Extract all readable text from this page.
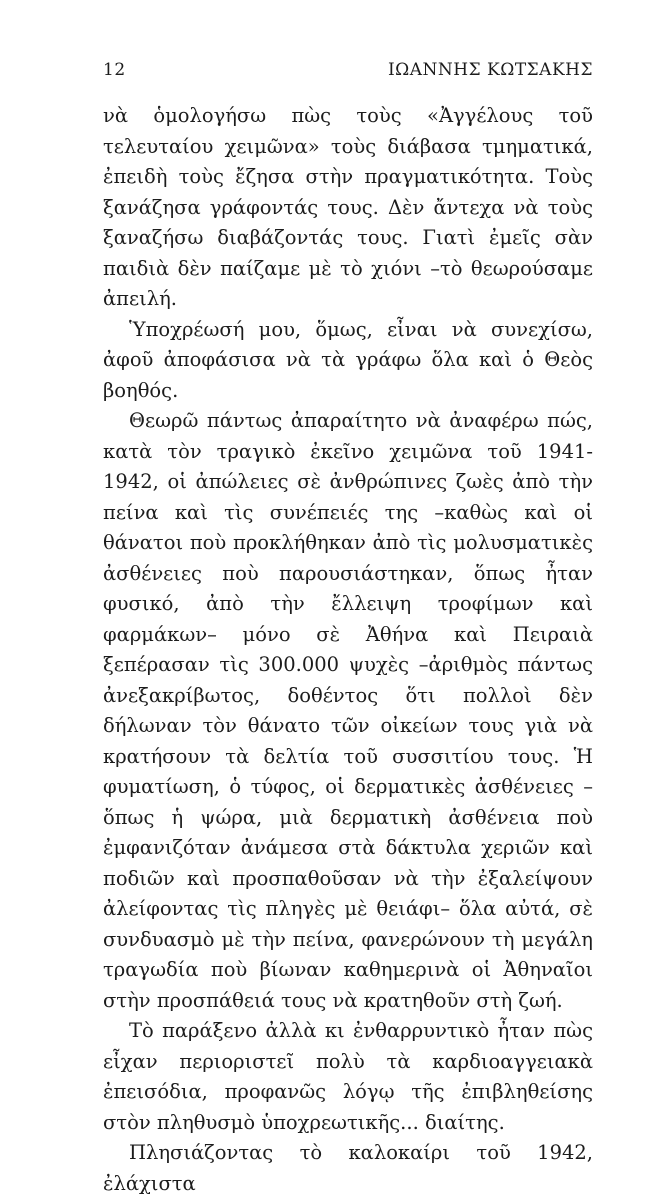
12	ΙΩΑΝΝΗΣ ΚΩΤΣΑΚΗΣ

νὰ ὁμολογήσω πὼς τοὺς «Ἀγγέλους τοῦ τελευταίου χειμῶνα» τοὺς διάβασα τμηματικά, ἐπειδὴ τοὺς ἔζησα στὴν πραγματικότητα. Τοὺς ξανάζησα γράφοντάς τους. Δὲν ἄντεχα νὰ τοὺς ξαναζήσω διαβάζοντάς τους. Γιατὶ ἐμεῖς σὰν παιδιὰ δὲν παίζαμε μὲ τὸ χιόνι –τὸ θεωρούσαμε ἀπειλή.

Ὑποχρέωσή μου, ὅμως, εἶναι νὰ συνεχίσω, ἀφοῦ ἀποφάσισα νὰ τὰ γράφω ὅλα καὶ ὁ Θεὸς βοηθός.

Θεωρῶ πάντως ἀπαραίτητο νὰ ἀναφέρω πώς, κατὰ τὸν τραγικὸ ἐκεῖνο χειμῶνα τοῦ 1941-1942, οἱ ἀπώλειες σὲ ἀνθρώπινες ζωὲς ἀπὸ τὴν πείνα καὶ τὶς συνέπειές της –καθὼς καὶ οἱ θάνατοι ποὺ προκλήθηκαν ἀπὸ τὶς μολυσματικὲς ἀσθένειες ποὺ παρουσιάστηκαν, ὅπως ἦταν φυσικό, ἀπὸ τὴν ἔλλειψη τροφίμων καὶ φαρμάκων– μόνο σὲ Ἀθήνα καὶ Πειραιὰ ξεπέρασαν τὶς 300.000 ψυχὲς –ἀριθμὸς πάντως ἀνεξακρίβωτος, δοθέντος ὅτι πολλοὶ δὲν δήλωναν τὸν θάνατο τῶν οἰκείων τους γιὰ νὰ κρατήσουν τὰ δελτία τοῦ συσσιτίου τους. Ἡ φυματίωση, ὁ τύφος, οἱ δερματικὲς ἀσθένειες –ὅπως ἡ ψώρα, μιὰ δερματικὴ ἀσθένεια ποὺ ἐμφανιζόταν ἀνάμεσα στὰ δάκτυλα χεριῶν καὶ ποδιῶν καὶ προσπαθοῦσαν νὰ τὴν ἐξαλείψουν ἀλείφοντας τὶς πληγὲς μὲ θειάφι– ὅλα αὐτά, σὲ συνδυασμὸ μὲ τὴν πείνα, φανερώνουν τὴ μεγάλη τραγωδία ποὺ βίωναν καθημερινὰ οἱ Ἀθηναῖοι στὴν προσπάθειά τους νὰ κρατηθοῦν στὴ ζωή.

Τὸ παράξενο ἀλλὰ κι ἐνθαρρυντικὸ ἦταν πὼς εἶχαν περιοριστεῖ πολὺ τὰ καρδιοαγγειακὰ ἐπεισόδια, προφανῶς λόγῳ τῆς ἐπιβληθείσης στὸν πληθυσμὸ ὑποχρεωτικῆς... διαίτης.

Πλησιάζοντας τὸ καλοκαίρι τοῦ 1942, ἐλάχιστα
